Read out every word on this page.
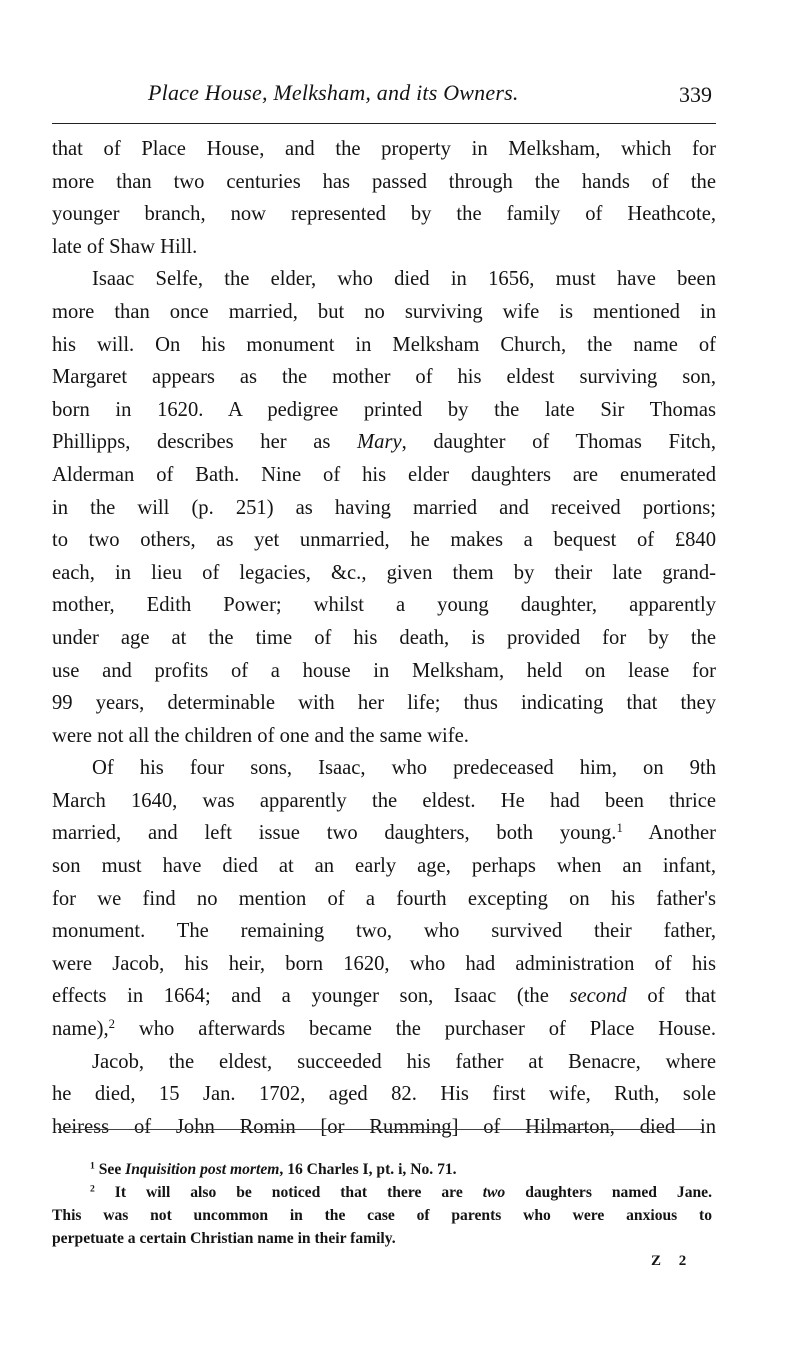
Place House, Melksham, and its Owners.	339
that of Place House, and the property in Melksham, which for
more than two centuries has passed through the hands of the
younger branch, now represented by the family of Heathcote,
late of Shaw Hill.
Isaac Selfe, the elder, who died in 1656, must have been
more than once married, but no surviving wife is mentioned in
his will. On his monument in Melksham Church, the name of
Margaret appears as the mother of his eldest surviving son,
born in 1620. A pedigree printed by the late Sir Thomas
Phillipps, describes her as Mary, daughter of Thomas Fitch,
Alderman of Bath. Nine of his elder daughters are enumerated
in the will (p. 251) as having married and received portions;
to two others, as yet unmarried, he makes a bequest of £840
each, in lieu of legacies, &c., given them by their late grand-
mother, Edith Power; whilst a young daughter, apparently
under age at the time of his death, is provided for by the
use and profits of a house in Melksham, held on lease for
99 years, determinable with her life; thus indicating that they
were not all the children of one and the same wife.
Of his four sons, Isaac, who predeceased him, on 9th
March 1640, was apparently the eldest. He had been thrice
married, and left issue two daughters, both young.$^1$ Another
son must have died at an early age, perhaps when an infant,
for we find no mention of a fourth excepting on his father's
monument. The remaining two, who survived their father,
were Jacob, his heir, born 1620, who had administration of his
effects in 1664; and a younger son, Isaac (the second of that
name),$^2$ who afterwards became the purchaser of Place House.
Jacob, the eldest, succeeded his father at Benacre, where
he died, 15 Jan. 1702, aged 82. His first wife, Ruth, sole
heiress of John Romin [or Rumming] of Hilmarton, died in
$^1$ See Inquisition post mortem, 16 Charles I, pt. i, No. 71.
$^2$ It will also be noticed that there are two daughters named Jane.
This was not uncommon in the case of parents who were anxious to
perpetuate a certain Christian name in their family.
Z 2
